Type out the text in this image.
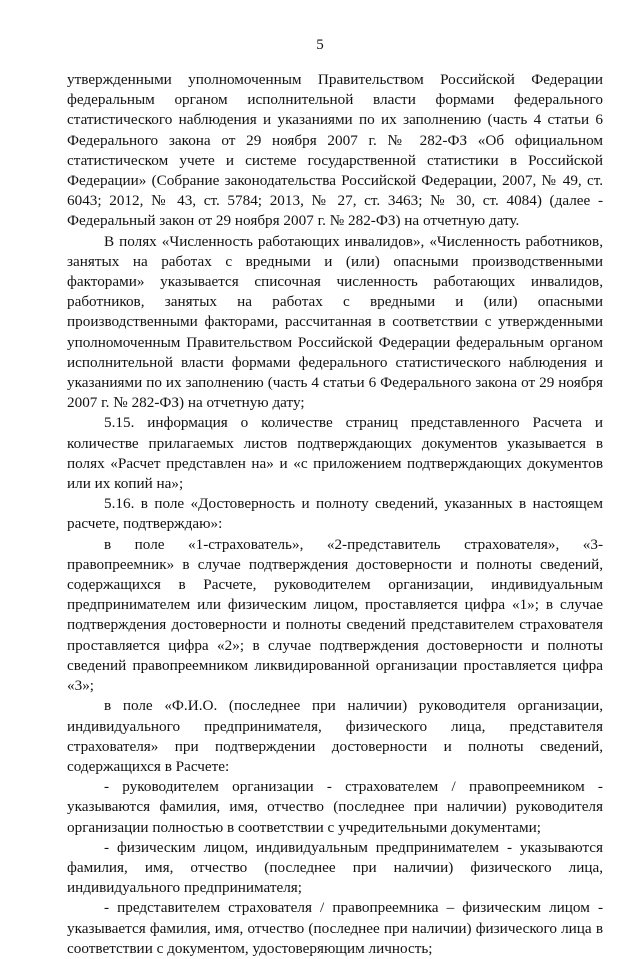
5

утвержденными уполномоченным Правительством Российской Федерации федеральным органом исполнительной власти формами федерального статистического наблюдения и указаниями по их заполнению (часть 4 статьи 6 Федерального закона от 29 ноября 2007 г. № 282-ФЗ «Об официальном статистическом учете и системе государственной статистики в Российской Федерации» (Собрание законодательства Российской Федерации, 2007, № 49, ст. 6043; 2012, № 43, ст. 5784; 2013, № 27, ст. 3463; № 30, ст. 4084) (далее - Федеральный закон от 29 ноября 2007 г. № 282-ФЗ) на отчетную дату.

В полях «Численность работающих инвалидов», «Численность работников, занятых на работах с вредными и (или) опасными производственными факторами» указывается списочная численность работающих инвалидов, работников, занятых на работах с вредными и (или) опасными производственными факторами, рассчитанная в соответствии с утвержденными уполномоченным Правительством Российской Федерации федеральным органом исполнительной власти формами федерального статистического наблюдения и указаниями по их заполнению (часть 4 статьи 6 Федерального закона от 29 ноября 2007 г. № 282-ФЗ) на отчетную дату;

5.15. информация о количестве страниц представленного Расчета и количестве прилагаемых листов подтверждающих документов указывается в полях «Расчет представлен на» и «с приложением подтверждающих документов или их копий на»;

5.16. в поле «Достоверность и полноту сведений, указанных в настоящем расчете, подтверждаю»:

в поле «1-страхователь», «2-представитель страхователя», «3-правопреемник» в случае подтверждения достоверности и полноты сведений, содержащихся в Расчете, руководителем организации, индивидуальным предпринимателем или физическим лицом, проставляется цифра «1»; в случае подтверждения достоверности и полноты сведений представителем страхователя проставляется цифра «2»; в случае подтверждения достоверности и полноты сведений правопреемником ликвидированной организации проставляется цифра «3»;

в поле «Ф.И.О. (последнее при наличии) руководителя организации, индивидуального предпринимателя, физического лица, представителя страхователя» при подтверждении достоверности и полноты сведений, содержащихся в Расчете:

- руководителем организации - страхователем / правопреемником - указываются фамилия, имя, отчество (последнее при наличии) руководителя организации полностью в соответствии с учредительными документами;

- физическим лицом, индивидуальным предпринимателем - указываются фамилия, имя, отчество (последнее при наличии) физического лица, индивидуального предпринимателя;

- представителем страхователя / правопреемника – физическим лицом - указывается фамилия, имя, отчество (последнее при наличии) физического лица в соответствии с документом, удостоверяющим личность;
